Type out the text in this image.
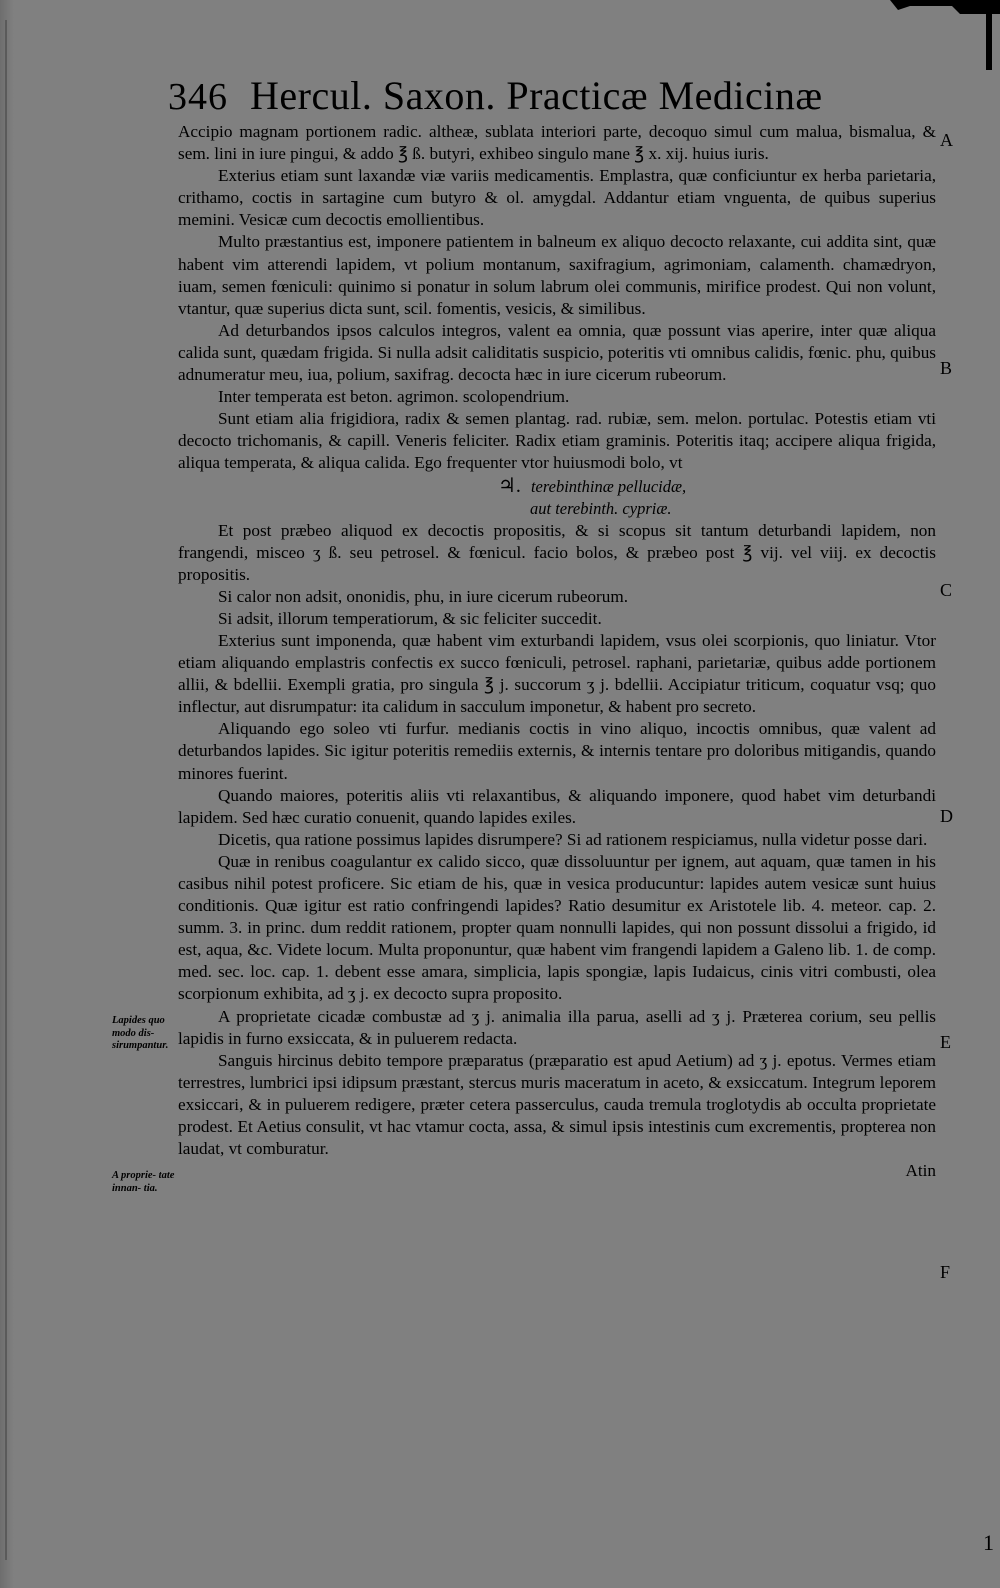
346 Hercul. Saxon. Practicæ Medicinæ
A
B
C
D
E
F
Lapides quo modo dis- sirumpantur.
A proprie- tate innan- tia.

Accipio magnam portionem radic. altheæ, sublata interiori parte, decoquo simul cum malua, bismalua, & sem. lini in iure pingui, & addo ℥ ß. butyri, exhibeo singulo mane ℥ x. xij. huius iuris.

Exterius etiam sunt laxandæ viæ variis medicamentis. Emplastra, quæ conficiuntur ex herba parietaria, crithamo, coctis in sartagine cum butyro & ol. amygdal. Addantur etiam vnguenta, de quibus superius memini. Vesicæ cum decoctis emollientibus.

Multo præstantius est, imponere patientem in balneum ex aliquo decocto relaxante, cui addita sint, quæ habent vim atterendi lapidem, vt polium montanum, saxifragium, agrimoniam, calamenth. chamædryon, iuam, semen fœniculi: quinimo si ponatur in solum labrum olei communis, mirifice prodest. Qui non volunt, vtantur, quæ superius dicta sunt, scil. fomentis, vesicis, & similibus.

Ad deturbandos ipsos calculos integros, valent ea omnia, quæ possunt vias aperire, inter quæ aliqua calida sunt, quædam frigida. Si nulla adsit caliditatis suspicio, poteritis vti omnibus calidis, fœnic. phu, quibus adnumeratur meu, iua, polium, saxifrag. decocta hæc in iure cicerum rubeorum.

Inter temperata est beton. agrimon. scolopendrium.

Sunt etiam alia frigidiora, radix & semen plantag. rad. rubiæ, sem. melon. portulac. Potestis etiam vti decocto trichomanis, & capill. Veneris feliciter. Radix etiam graminis. Poteritis itaq; accipere aliqua frigida, aliqua temperata, & aliqua calida. Ego frequenter vtor huiusmodi bolo, vt

♃. terebinthinæ pellucidæ,
aut terebinth. cypriæ.

Et post præbeo aliquod ex decoctis propositis, & si scopus sit tantum deturbandi lapidem, non frangendi, misceo ʒ ß. seu petrosel. & fœnicul. facio bolos, & præbeo post ℥ vij. vel viij. ex decoctis propositis.

Si calor non adsit, ononidis, phu, in iure cicerum rubeorum.

Si adsit, illorum temperatiorum, & sic feliciter succedit.

Exterius sunt imponenda, quæ habent vim exturbandi lapidem, vsus olei scorpionis, quo liniatur. Vtor etiam aliquando emplastris confectis ex succo fœniculi, petrosel. raphani, parietariæ, quibus adde portionem allii, & bdellii. Exempli gratia, pro singula ℥ j. succorum ʒ j. bdellii. Accipiatur triticum, coquatur vsq; quo inflectur, aut disrumpatur: ita calidum in sacculum imponetur, & habent pro secreto.

Aliquando ego soleo vti furfur. medianis coctis in vino aliquo, incoctis omnibus, quæ valent ad deturbandos lapides. Sic igitur poteritis remediis externis, & internis tentare pro doloribus mitigandis, quando minores fuerint.

Quando maiores, poteritis aliis vti relaxantibus, & aliquando imponere, quod habet vim deturbandi lapidem. Sed hæc curatio conuenit, quando lapides exiles.

Dicetis, qua ratione possimus lapides disrumpere? Si ad rationem respiciamus, nulla videtur posse dari.

Quæ in renibus coagulantur ex calido sicco, quæ dissoluuntur per ignem, aut aquam, quæ tamen in his casibus nihil potest proficere. Sic etiam de his, quæ in vesica producuntur: lapides autem vesicæ sunt huius conditionis. Quæ igitur est ratio confringendi lapides? Ratio desumitur ex Aristotele lib. 4. meteor. cap. 2. summ. 3. in princ. dum reddit rationem, propter quam nonnulli lapides, qui non possunt dissolui a frigido, id est, aqua, &c. Videte locum. Multa proponuntur, quæ habent vim frangendi lapidem a Galeno lib. 1. de comp. med. sec. loc. cap. 1. debent esse amara, simplicia, lapis spongiæ, lapis Iudaicus, cinis vitri combusti, olea scorpionum exhibita, ad ʒ j. ex decocto supra proposito.

A proprietate cicadæ combustæ ad ʒ j. animalia illa parua, aselli ad ʒ j. Præterea corium, seu pellis lapidis in furno exsiccata, & in puluerem redacta.

Sanguis hircinus debito tempore præparatus (præparatio est apud Aetium) ad ʒ j. epotus. Vermes etiam terrestres, lumbrici ipsi idipsum præstant, stercus muris maceratum in aceto, & exsiccatum. Integrum leporem exsiccari, & in puluerem redigere, præter cetera passerculus, cauda tremula troglotydis ab occulta proprietate prodest. Et Aetius consulit, vt hac vtamur cocta, assa, & simul ipsis intestinis cum excrementis, propterea non laudat, vt comburatur.

Atin

1
